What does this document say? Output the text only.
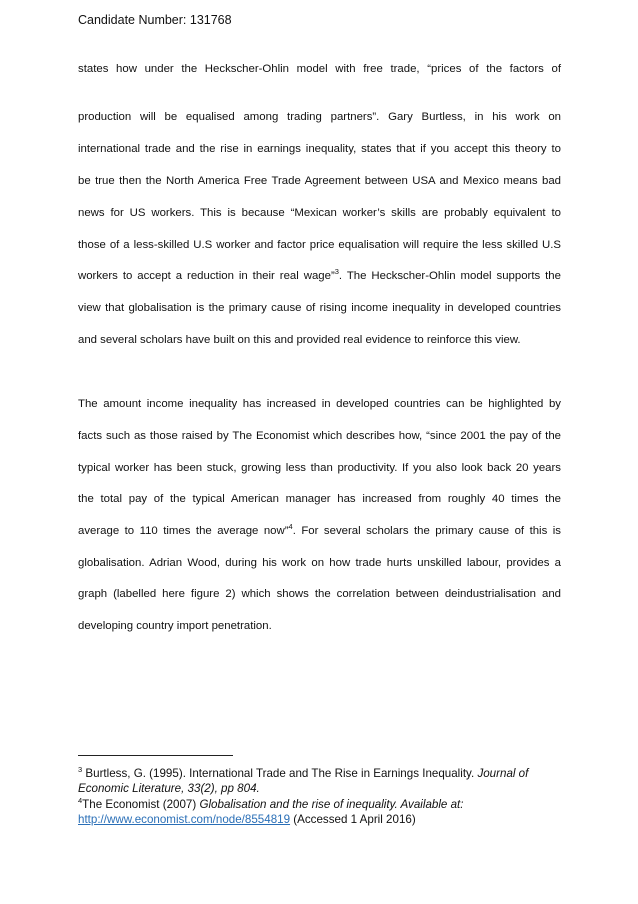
Candidate Number: 131768
states how under the Heckscher-Ohlin model with free trade, “prices of the factors of
production will be equalised among trading partners”. Gary Burtless, in his work on
international trade and the rise in earnings inequality, states that if you accept this theory to
be true then the North America Free Trade Agreement between USA and Mexico means bad
news for US workers. This is because “Mexican worker’s skills are probably equivalent to
those of a less-skilled U.S worker and factor price equalisation will require the less skilled U.S
workers to accept a reduction in their real wage”$^3$. The Heckscher-Ohlin model supports the
view that globalisation is the primary cause of rising income inequality in developed countries
and several scholars have built on this and provided real evidence to reinforce this view.
The amount income inequality has increased in developed countries can be highlighted by
facts such as those raised by The Economist which describes how, “since 2001 the pay of the
typical worker has been stuck, growing less than productivity. If you also look back 20 years
the total pay of the typical American manager has increased from roughly 40 times the
average to 110 times the average now”$^4$. For several scholars the primary cause of this is
globalisation. Adrian Wood, during his work on how trade hurts unskilled labour, provides a
graph (labelled here figure 2) which shows the correlation between deindustrialisation and
developing country import penetration.
$^3$ Burtless, G. (1995). International Trade and The Rise in Earnings Inequality. Journal of
Economic Literature, 33(2), pp 804.
$^4$The Economist (2007) Globalisation and the rise of inequality. Available at:
http://www.economist.com/node/8554819 (Accessed 1 April 2016)
